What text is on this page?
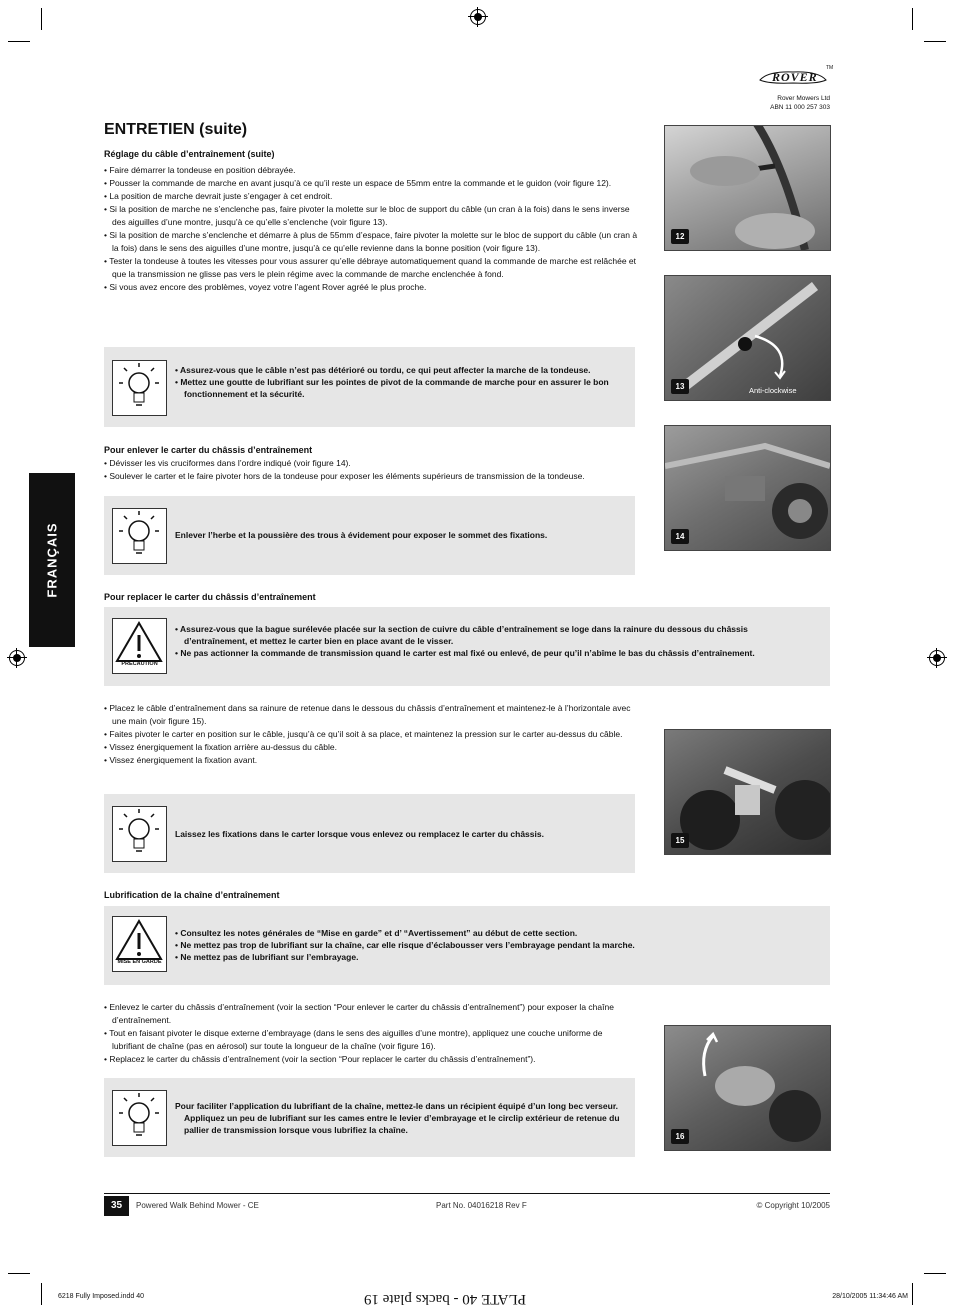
ROVER
TM
Rover Mowers Ltd
ABN 11 000 257 303
FRANÇAIS
ENTRETIEN (suite)
Réglage du câble d’entraînement (suite)

• Faire démarrer la tondeuse en position débrayée.

• Pousser la commande de marche en avant jusqu’à ce qu’il reste un espace de 55mm entre la commande et le guidon (voir figure 12).

• La position de marche devrait juste s’engager à cet endroit.

• Si la position de marche ne s’enclenche pas, faire pivoter la molette sur le bloc de support du câble (un cran à la fois) dans le sens inverse des aiguilles d’une montre, jusqu’à ce qu’elle s’enclenche (voir figure 13).

• Si la position de marche s’enclenche et démarre à plus de 55mm d’espace, faire pivoter la molette sur le bloc de support du câble (un cran à la fois) dans le sens des aiguilles d’une montre, jusqu’à ce qu’elle revienne dans la bonne position (voir figure 13).

• Tester la tondeuse à toutes les vitesses pour vous assurer qu’elle débraye automatiquement quand la commande de marche est relâchée et que la transmission ne glisse pas vers le plein régime avec la commande de marche enclenchée à fond.

• Si vous avez encore des problèmes, voyez votre l’agent Rover agréé le plus proche.

• Assurez-vous que le câble n’est pas détérioré ou tordu, ce qui peut affecter la marche de la tondeuse.

• Mettez une goutte de lubrifiant sur les pointes de pivot de la commande de marche pour en assurer le bon fonctionnement et la sécurité.

Pour enlever le carter du châssis d’entraînement

• Dévisser les vis cruciformes dans l’ordre indiqué (voir figure 14).

• Soulever le carter et le faire pivoter hors de la tondeuse pour exposer les éléments supérieurs de transmission de la tondeuse.

Enlever l’herbe et la poussière des trous à évidement pour exposer le sommet des fixations.

Pour replacer le carter du châssis d’entraînement
PRÉCAUTION

• Assurez-vous que la bague surélevée placée sur la section de cuivre du câble d’entraînement se loge dans la rainure du dessous du châssis d’entraînement, et mettez le carter bien en place avant de le visser.

• Ne pas actionner la commande de transmission quand le carter est mal fixé ou enlevé, de peur qu’il n’abîme le bas du châssis d’entraînement.

• Placez le câble d’entraînement dans sa rainure de retenue dans le dessous du châssis d’entraînement et maintenez-le à l’horizontale avec une main (voir figure 15).

• Faites pivoter le carter en position sur le câble, jusqu’à ce qu’il soit à sa place, et maintenez la pression sur le carter au-dessus du câble.

• Vissez énergiquement la fixation arrière au-dessus du câble.

• Vissez énergiquement la fixation avant.

Laissez les fixations dans le carter lorsque vous enlevez ou remplacez le carter du châssis.

Lubrification de la chaîne d’entraînement
MISE EN GARDE

• Consultez les notes générales de “Mise en garde” et d’ “Avertissement” au début de cette section.

• Ne mettez pas trop de lubrifiant sur la chaîne, car elle risque d’éclabousser vers l’embrayage pendant la marche.

• Ne mettez pas de lubrifiant sur l’embrayage.

• Enlevez le carter du châssis d’entraînement (voir la section “Pour enlever le carter du châssis d’entraînement”) pour exposer la chaîne d’entraînement.

• Tout en faisant pivoter le disque externe d’embrayage (dans le sens des aiguilles d’une montre), appliquez une couche uniforme de lubrifiant de chaîne (pas en aérosol) sur toute la longueur de la chaîne (voir figure 16).

• Replacez le carter du châssis d’entraînement (voir la section “Pour replacer le carter du châssis d’entraînement”).

Pour faciliter l’application du lubrifiant de la chaîne, mettez-le dans un récipient équipé d’un long bec verseur. Appliquez un peu de lubrifiant sur les cames entre le levier d’embrayage et le circlip extérieur de retenue du pallier de transmission lorsque vous lubrifiez la chaîne.

12
Anti-clockwise
13
14
15
16
35	Powered Walk Behind Mower - CE	Part No. 04016218 Rev F	© Copyright 10/2005
6218 Fully Imposed.indd 40	28/10/2005 11:34:46 AM
PLATE 40 - backs plate 19
